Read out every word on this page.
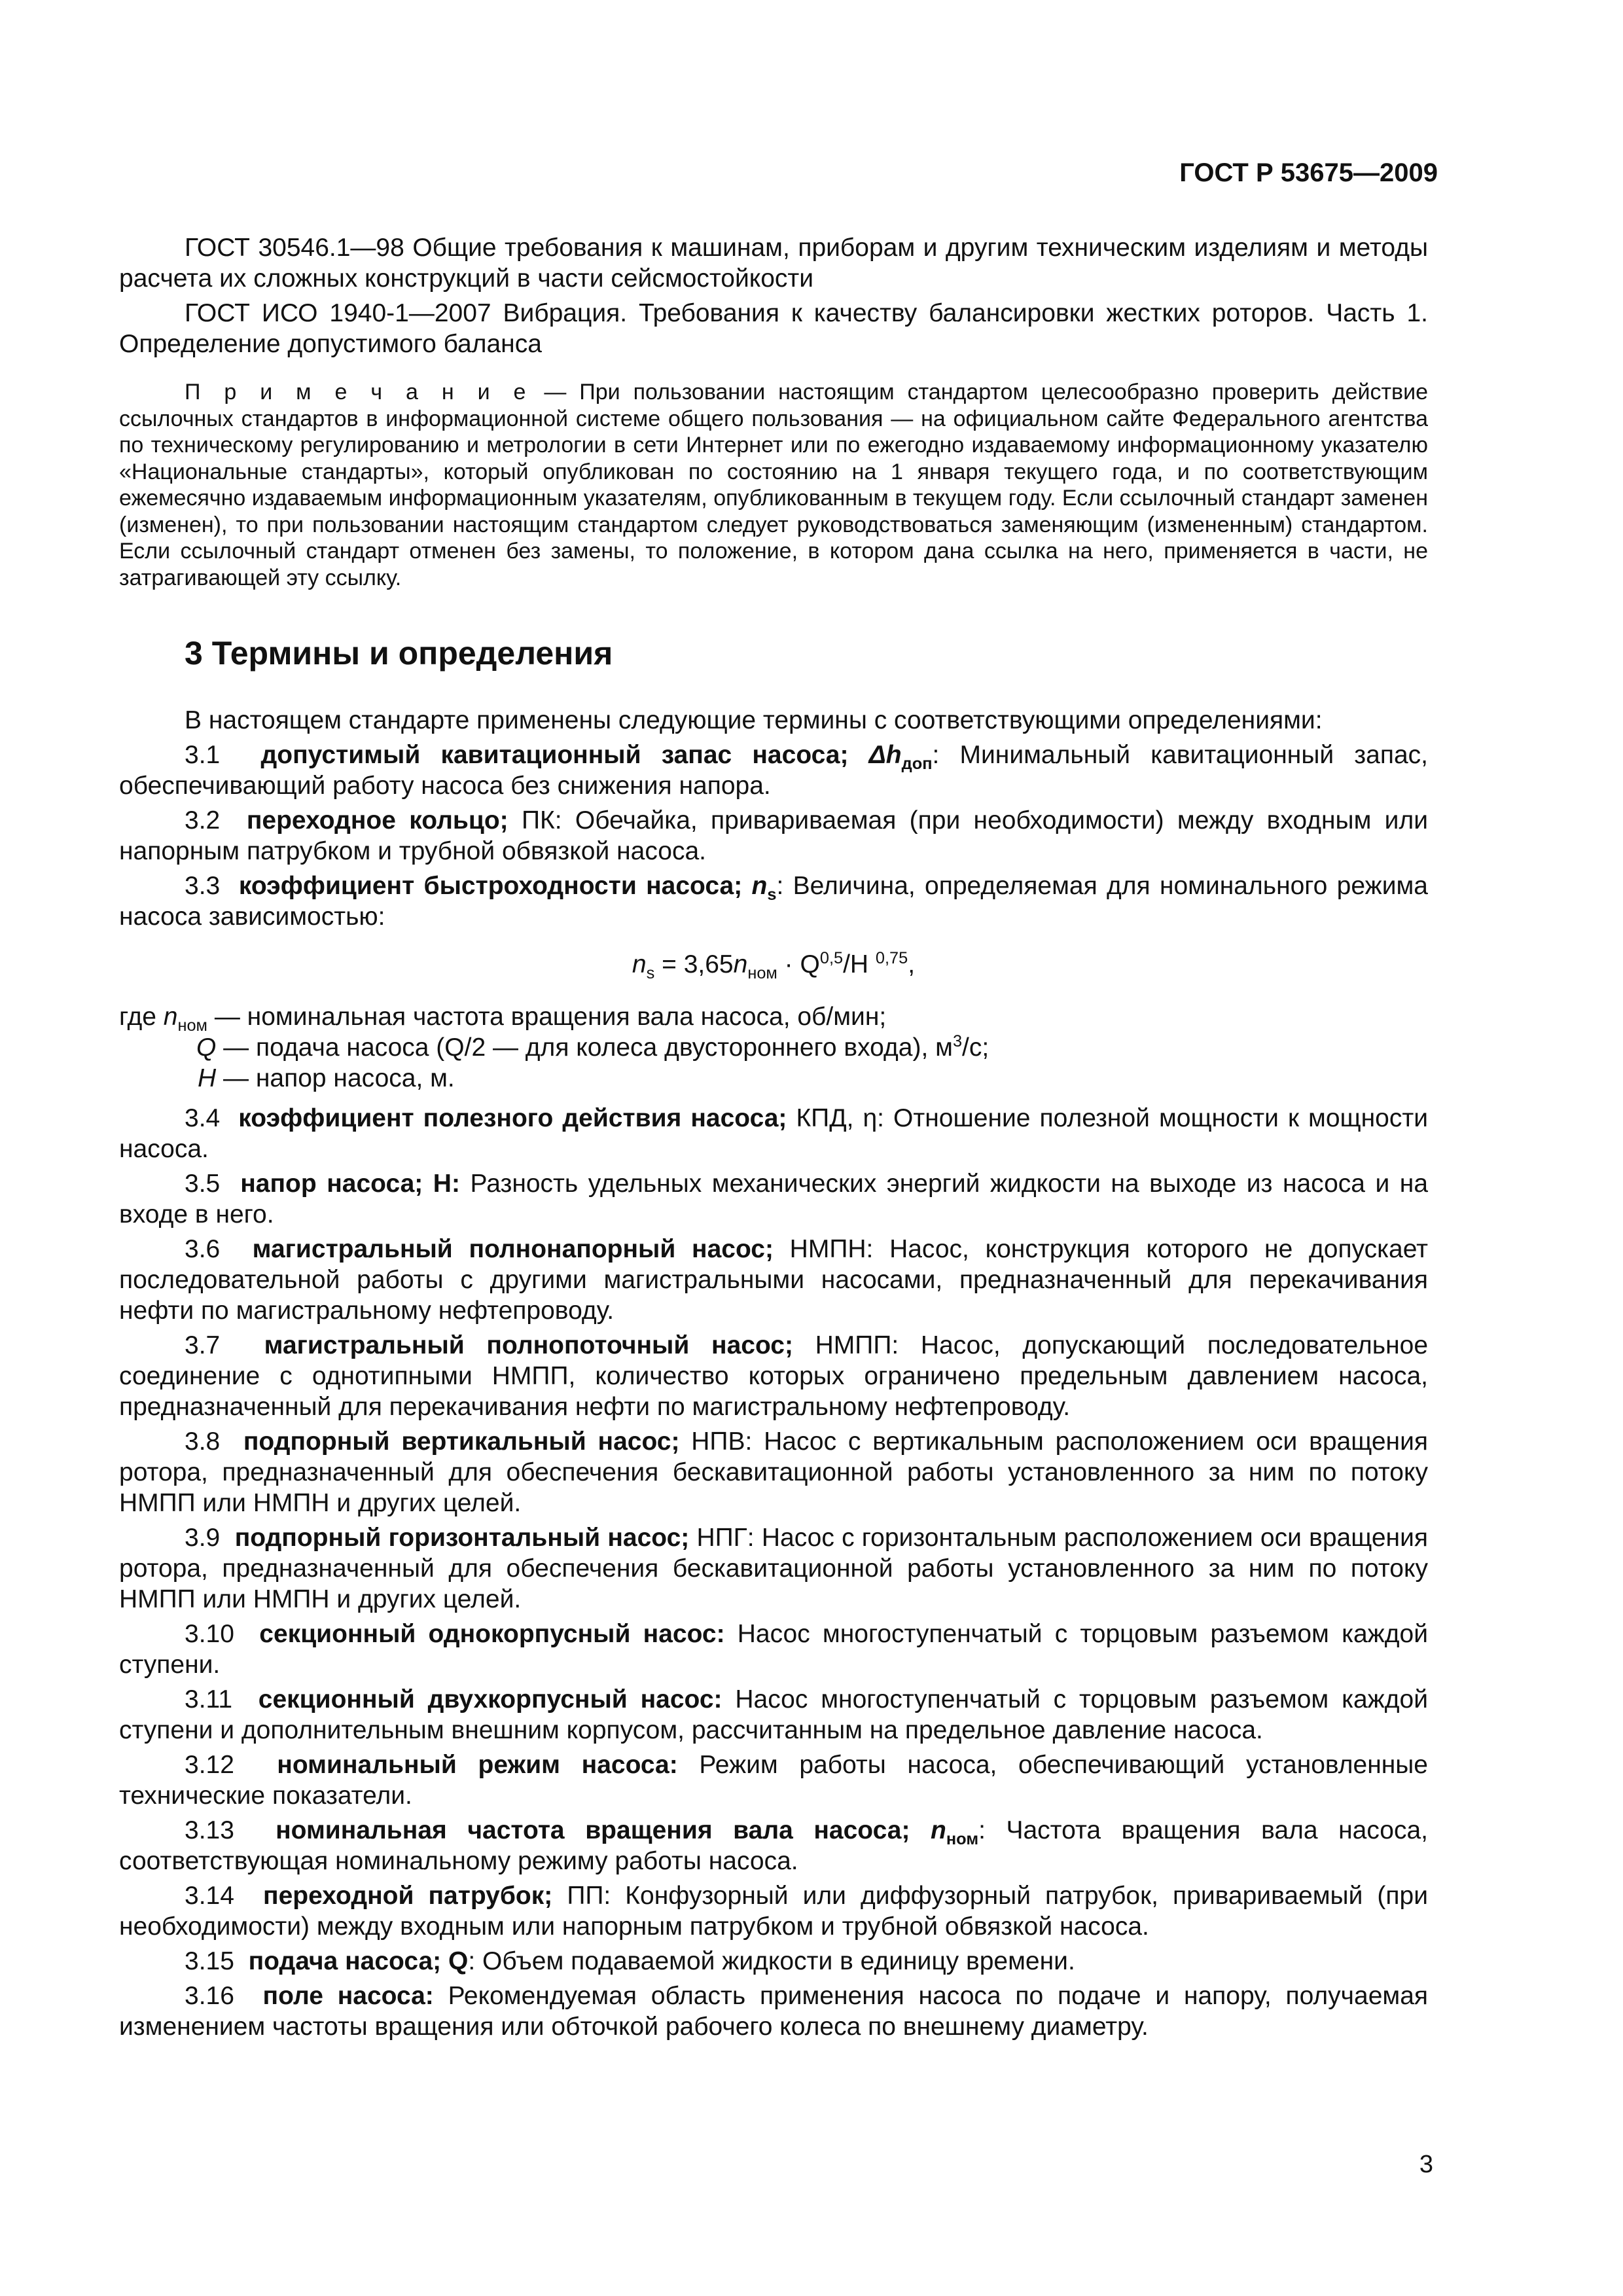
ГОСТ Р 53675—2009

ГОСТ 30546.1—98 Общие требования к машинам, приборам и другим техническим изделиям и методы расчета их сложных конструкций в части сейсмостойкости

ГОСТ ИСО 1940-1—2007 Вибрация. Требования к качеству балансировки жестких роторов. Часть 1. Определение допустимого баланса

П р и м е ч а н и е — При пользовании настоящим стандартом целесообразно проверить действие ссылочных стандартов в информационной системе общего пользования — на официальном сайте Федерального агентства по техническому регулированию и метрологии в сети Интернет или по ежегодно издаваемому информационному указателю «Национальные стандарты», который опубликован по состоянию на 1 января текущего года, и по соответствующим ежемесячно издаваемым информационным указателям, опубликованным в текущем году. Если ссылочный стандарт заменен (изменен), то при пользовании настоящим стандартом следует руководствоваться заменяющим (измененным) стандартом. Если ссылочный стандарт отменен без замены, то положение, в котором дана ссылка на него, применяется в части, не затрагивающей эту ссылку.

3 Термины и определения

В настоящем стандарте применены следующие термины с соответствующими определениями:

3.1 допустимый кавитационный запас насоса; $\Delta h_{доп}$: Минимальный кавитационный запас, обеспечивающий работу насоса без снижения напора.

3.2 переходное кольцо; ПК: Обечайка, привариваемая (при необходимости) между входным или напорным патрубком и трубной обвязкой насоса.

3.3 коэффициент быстроходности насоса; $n_s$: Величина, определяемая для номинального режима насоса зависимостью:

$n_s = 3,65n_{ном} \cdot Q^{0,5}/H$ $^{0,75}$,
где $n_{ном}$ — номинальная частота вращения вала насоса, об/мин;
Q — подача насоса (Q/2 — для колеса двустороннего входа), $м^3/с$;
H — напор насоса, м.

3.4 коэффициент полезного действия насоса; КПД, η: Отношение полезной мощности к мощности насоса.

3.5 напор насоса; H: Разность удельных механических энергий жидкости на выходе из насоса и на входе в него.

3.6 магистральный полнонапорный насос; НМПН: Насос, конструкция которого не допускает последовательной работы с другими магистральными насосами, предназначенный для перекачивания нефти по магистральному нефтепроводу.

3.7 магистральный полнопоточный насос; НМПП: Насос, допускающий последовательное соединение с однотипными НМПП, количество которых ограничено предельным давлением насоса, предназначенный для перекачивания нефти по магистральному нефтепроводу.

3.8 подпорный вертикальный насос; НПВ: Насос с вертикальным расположением оси вращения ротора, предназначенный для обеспечения бескавитационной работы установленного за ним по потоку НМПП или НМПН и других целей.

3.9 подпорный горизонтальный насос; НПГ: Насос с горизонтальным расположением оси вращения ротора, предназначенный для обеспечения бескавитационной работы установленного за ним по потоку НМПП или НМПН и других целей.

3.10 секционный однокорпусный насос: Насос многоступенчатый с торцовым разъемом каждой ступени.

3.11 секционный двухкорпусный насос: Насос многоступенчатый с торцовым разъемом каждой ступени и дополнительным внешним корпусом, рассчитанным на предельное давление насоса.

3.12 номинальный режим насоса: Режим работы насоса, обеспечивающий установленные технические показатели.

3.13 номинальная частота вращения вала насоса; $n_{ном}$: Частота вращения вала насоса, соответствующая номинальному режиму работы насоса.

3.14 переходной патрубок; ПП: Конфузорный или диффузорный патрубок, привариваемый (при необходимости) между входным или напорным патрубком и трубной обвязкой насоса.

3.15 подача насоса; Q: Объем подаваемой жидкости в единицу времени.

3.16 поле насоса: Рекомендуемая область применения насоса по подаче и напору, получаемая изменением частоты вращения или обточкой рабочего колеса по внешнему диаметру.

3
